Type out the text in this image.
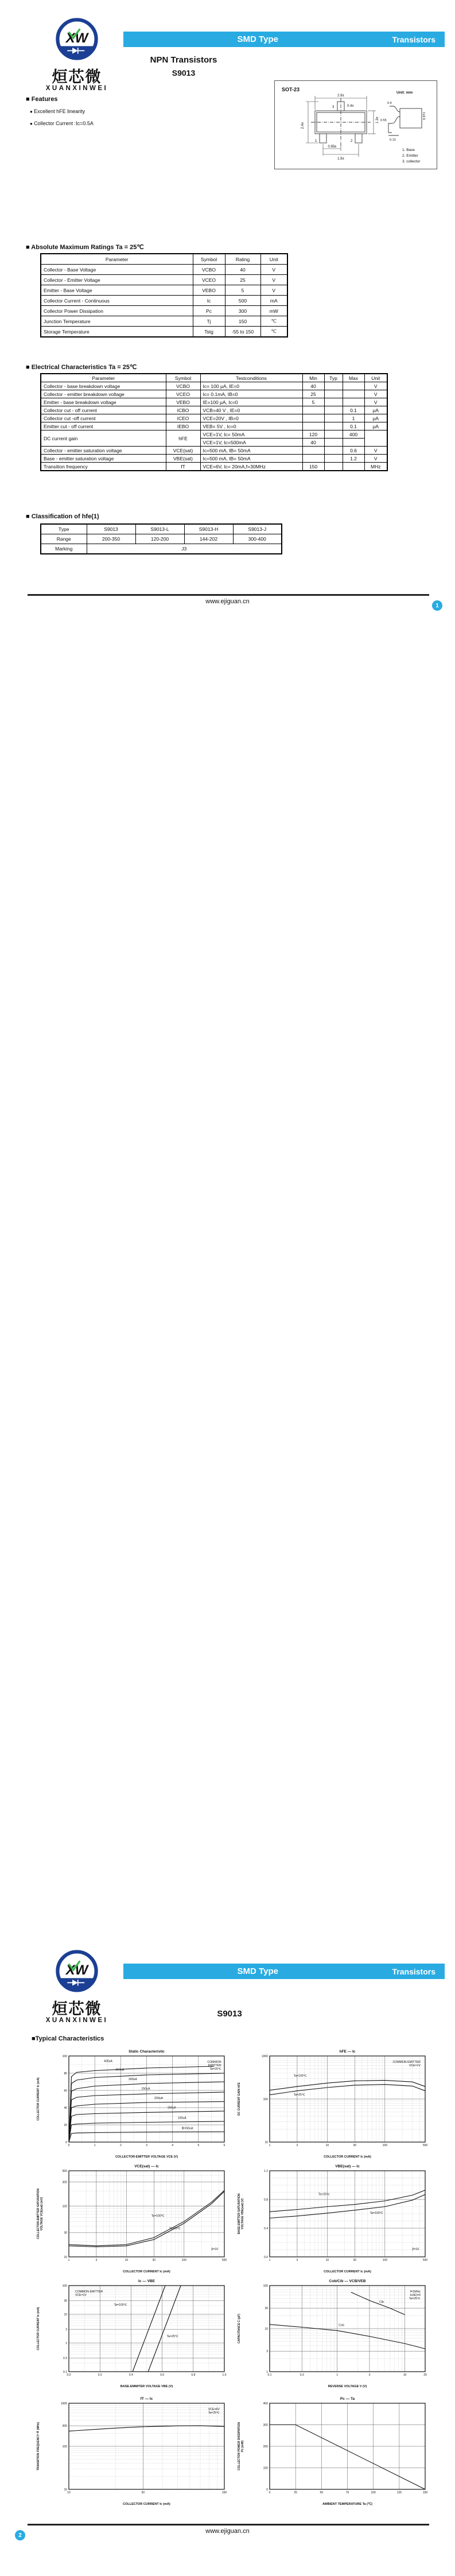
XW
烜芯微
XUANXINWEI
SMD Type	Transistors
NPN Transistors
S9013
■ Features
● Excellent hFE linearity
● Collector Current :Ic=0.5A
SOT-23
Unit: mm
2.9±
0.4±
2.4±
1.3±
0.95±
1.9±
1	2
3
0.4
0.55
0.13
0.97±
1. Base
2. Emitter
3. collector
■ Absolute Maximum Ratings Ta = 25℃
Parameter	Symbol	Rating	Unit
Collector - Base Voltage	VCBO	40	V
Collector - Emitter Voltage	VCEO	25	V
Emitter - Base Voltage	VEBO	5	V
Collector Current - Continuous	Ic	500	mA
Collector Power Dissipation	Pc	300	mW
Junction Temperature	Tj	150	℃
Storage Temperature	Tstg	-55 to 150	℃
■ Electrical Characteristics Ta = 25℃
Parameter	Symbol	Testconditions	Min	Typ	Max	Unit
Collector - base breakdown voltage	VCBO	Ic= 100 μA, IE=0	40			V
Collector - emitter breakdown voltage	VCEO	Ic= 0.1mA, IB=0	25			V
Emitter - base breakdown voltage	VEBO	IE=100 μA, Ic=0	5			V
Collector cut - off current	ICBO	VCB=40 V , IE=0			0.1	μA
Collector cut -off current	ICEO	VCE=20V , IB=0			1	μA
Emitter cut - off current	IEBO	VEB= 5V , Ic=0			0.1	μA
DC current gain	hFE	VCE=1V, Ic= 50mA	120		400	
		VCE=1V, Ic=500mA	40			
Collector - emitter saturation voltage	VCE(sat)	Ic=500 mA, IB= 50mA			0.6	V
Base - emitter saturation voltage	VBE(sat)	Ic=500 mA, IB= 50mA			1.2	V
Transition frequency	fT	VCE=6V, Ic= 20mA,f=30MHz	150			MHz
■ Classification of hfe(1)
Type	S9013	S9013-L	S9013-H	S9013-J
Range	200-350	120-200	144-202	300-400
Marking	J3			
www.ejiguan.cn
1
XW
烜芯微
XUANXINWEI
SMD Type	Transistors
S9013
■Typical Characteristics
0	1	2	3	4	5	6
0
20
40
60
80
100
400uA
350uA
300uA
250uA
200uA
150uA
100uA
IB=50uA
Static Characteristic
COLLECTOR-EMITTER VOLTAGE VCE (V)
COLLECTOR CURRENT Ic (mA)
COMMON EMITTER Ta=25℃
1	3	10	30	100	500
10
100
1000
Ta=100℃
Ta=25℃
hFE — Ic
COLLECTOR CURRENT Ic (mA)
DC CURRENT GAIN hFE
COMMON EMITTER VCE=1V
1	3	10	30	100	500
10
30
100
300
500
Ta=100℃
Ta=25℃
VCE(sat) — Ic
COLLECTOR CURRENT Ic (mA)
COLLECTOR-EMITTER SATURATIONVOLTAGE VCE(sat) (mV)
β=10
1	3	10	30	100	500
0.0
0.4
0.8
1.2
Ta=25℃
Ta=100℃
VBE(sat) — Ic
COLLECTOR CURRENT Ic (mA)
BASE-EMITTER SATURATIONVOLTAGE VBE(sat) (V)
β=10
0.0	0.2	0.4	0.6	0.8	1.0
0.1
0.3
1
3
10
30
100
Ta=100℃
Ta=25℃
Ic — VBE
BASE-EMMITER VOLTAGE VBE (V)
COLLECTOR CURRENT Ic (mA)
COMMON EMITTER VCE=1V
0.1	0.3	1	3	10	20
1
3
10
30
100
Cib
Cob
Cob/Cib — VCB/VEB
REVERSE VOLTAGE V (V)
CAPACITANCE C (pF)
f=1MHz Ic(IE)=0 Ta=25℃
10	30	100
10
100
300
1000
fT — Ic
COLLECTOR CURRENT Ic (mA)
TRANSITION FREQUENCY fT (MHz)
VCE=6V Ta=25℃
0	25	50	75	100	125	150
0
100
200
300
400
Pc — Ta
AMBIENT TEMPERATURE Ta (℃)
COLLECTOR POWER DISSIPATIONPc (mW)
www.ejiguan.cn
2
